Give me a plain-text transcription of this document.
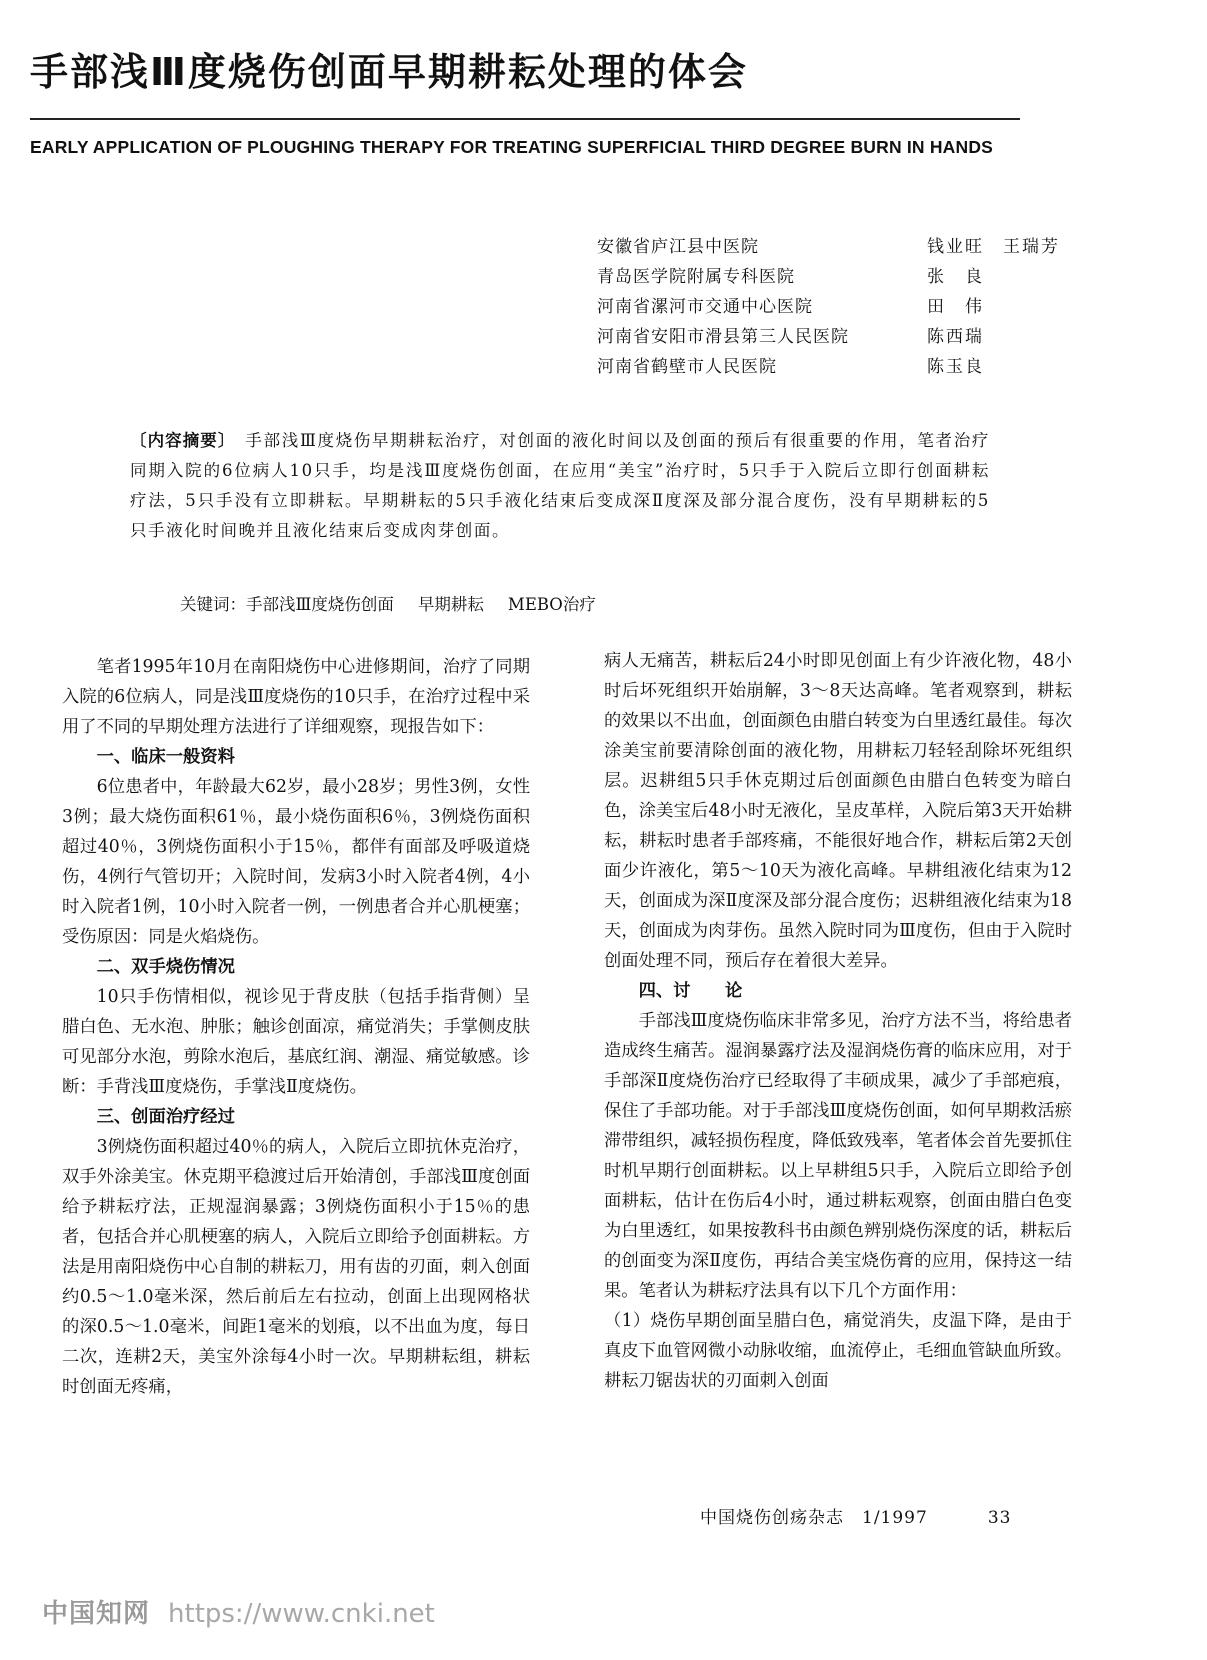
手部浅Ⅲ度烧伤创面早期耕耘处理的体会
EARLY APPLICATION OF PLOUGHING THERAPY FOR TREATING SUPERFICIAL THIRD DEGREE BURN IN HANDS
安徽省庐江县中医院	钱业旺　王瑞芳
青岛医学院附属专科医院	张　良
河南省漯河市交通中心医院	田　伟
河南省安阳市滑县第三人民医院	陈西瑞
河南省鹤壁市人民医院	陈玉良
〔内容摘要〕　 手部浅Ⅲ度烧伤早期耕耘治疗，对创面的液化时间以及创面的预后有很重要的作用，笔者治疗同期入院的6位病人10只手，均是浅Ⅲ度烧伤创面，在应用“美宝”治疗时，5只手于入院后立即行创面耕耘疗法，5只手没有立即耕耘。早期耕耘的5只手液化结束后变成深Ⅱ度深及部分混合度伤，没有早期耕耘的5只手液化时间晚并且液化结束后变成肉芽创面。
关键词：手部浅Ⅲ度烧伤创面 早期耕耘 MEBO治疗

笔者1995年10月在南阳烧伤中心进修期间，治疗了同期入院的6位病人，同是浅Ⅲ度烧伤的10只手，在治疗过程中采用了不同的早期处理方法进行了详细观察，现报告如下：

一、临床一般资料

6位患者中，年龄最大62岁，最小28岁；男性3例，女性3例；最大烧伤面积61％，最小烧伤面积6％，3例烧伤面积超过40％，3例烧伤面积小于15％，都伴有面部及呼吸道烧伤，4例行气管切开；入院时间，发病3小时入院者4例，4小时入院者1例，10小时入院者一例，一例患者合并心肌梗塞；受伤原因：同是火焰烧伤。

二、双手烧伤情况

10只手伤情相似，视诊见于背皮肤（包括手指背侧）呈腊白色、无水泡、肿胀；触诊创面凉，痛觉消失；手掌侧皮肤可见部分水泡，剪除水泡后，基底红润、潮湿、痛觉敏感。诊断：手背浅Ⅲ度烧伤，手掌浅Ⅱ度烧伤。

三、创面治疗经过

3例烧伤面积超过40％的病人，入院后立即抗休克治疗，双手外涂美宝。休克期平稳渡过后开始清创，手部浅Ⅲ度创面给予耕耘疗法，正规湿润暴露；3例烧伤面积小于15％的患者，包括合并心肌梗塞的病人，入院后立即给予创面耕耘。方法是用南阳烧伤中心自制的耕耘刀，用有齿的刃面，刺入创面约0.5～1.0毫米深，然后前后左右拉动，创面上出现网格状的深0.5～1.0毫米，间距1毫米的划痕，以不出血为度，每日二次，连耕2天，美宝外涂每4小时一次。早期耕耘组，耕耘时创面无疼痛，

病人无痛苦，耕耘后24小时即见创面上有少许液化物，48小时后坏死组织开始崩解，3～8天达高峰。笔者观察到，耕耘的效果以不出血，创面颜色由腊白转变为白里透红最佳。每次涂美宝前要清除创面的液化物，用耕耘刀轻轻刮除坏死组织层。迟耕组5只手休克期过后创面颜色由腊白色转变为暗白色，涂美宝后48小时无液化，呈皮革样，入院后第3天开始耕耘，耕耘时患者手部疼痛，不能很好地合作，耕耘后第2天创面少许液化，第5～10天为液化高峰。早耕组液化结束为12天，创面成为深Ⅱ度深及部分混合度伤；迟耕组液化结束为18天，创面成为肉芽伤。虽然入院时同为Ⅲ度伤，但由于入院时创面处理不同，预后存在着很大差异。

四、讨　　论

手部浅Ⅲ度烧伤临床非常多见，治疗方法不当，将给患者造成终生痛苦。湿润暴露疗法及湿润烧伤膏的临床应用，对于手部深Ⅱ度烧伤治疗已经取得了丰硕成果，减少了手部疤痕，保住了手部功能。对于手部浅Ⅲ度烧伤创面，如何早期救活瘀滞带组织，减轻损伤程度，降低致残率，笔者体会首先要抓住时机早期行创面耕耘。以上早耕组5只手，入院后立即给予创面耕耘，估计在伤后4小时，通过耕耘观察，创面由腊白色变为白里透红，如果按教科书由颜色辨别烧伤深度的话，耕耘后的创面变为深Ⅱ度伤，再结合美宝烧伤膏的应用，保持这一结果。笔者认为耕耘疗法具有以下几个方面作用：

（1）烧伤早期创面呈腊白色，痛觉消失，皮温下降，是由于真皮下血管网微小动脉收缩，血流停止，毛细血管缺血所致。耕耘刀锯齿状的刃面刺入创面

中国烧伤创疡杂志　1/1997	33
中国知网 https://www.cnki.net
